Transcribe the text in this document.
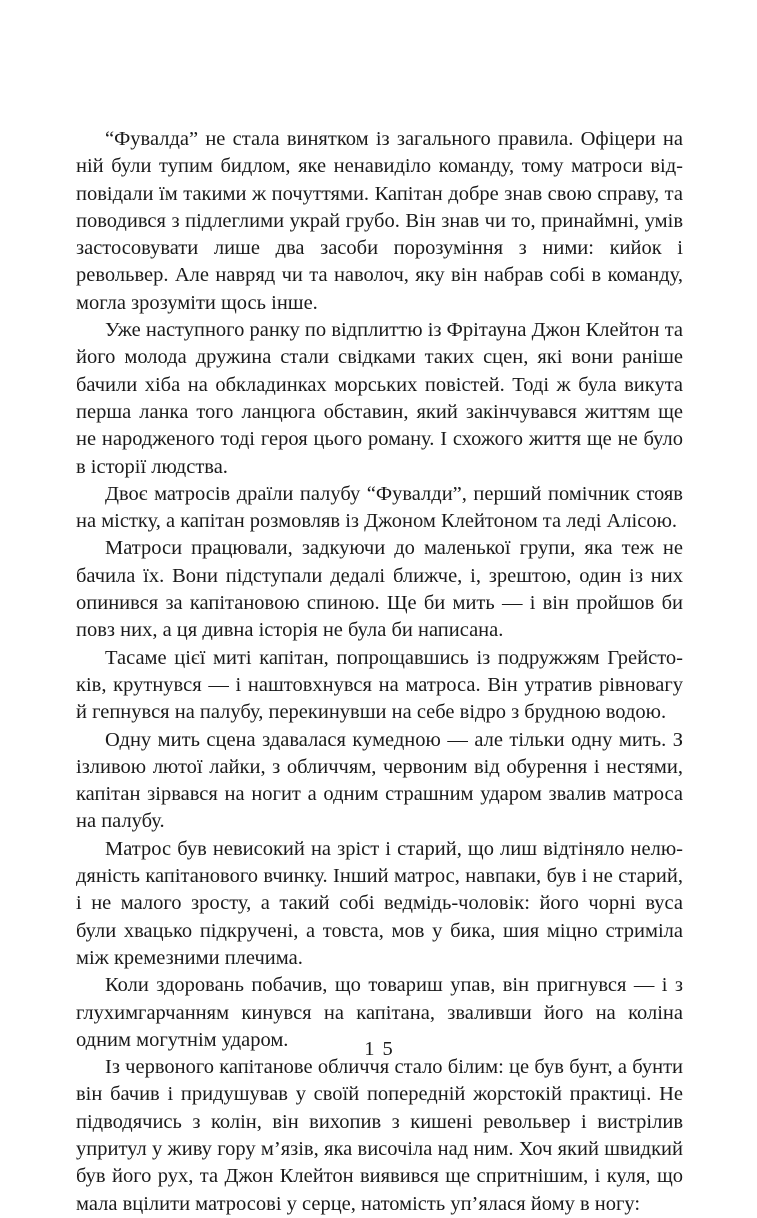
“Фувалда” не стала винятком із загального правила. Офіцери на ній були тупим бидлом, яке ненавиділо команду, тому матроси відповідали їм такими ж почуттями. Капітан добре знав свою справу, та поводився з підлеглими украй грубо. Він знав чи то, принаймні, умів застосовувати лише два засоби порозуміння з ними: кийок і револьвер. Але навряд чи та наволоч, яку він набрав собі в команду, могла зрозуміти щось інше.

Уже наступного ранку по відплиттю із Фрітауна Джон Клейтон та його молода дружина стали свідками таких сцен, які вони раніше бачили хіба на обкладинках морських повістей. Тоді ж була викута перша ланка того ланцюга обставин, який закінчувався життям ще не народженого тоді героя цього роману. І схожого життя ще не було в історії людства.

Двоє матросів драїли палубу “Фувалди”, перший помічник стояв на містку, а капітан розмовляв із Джоном Клейтоном та леді Алісою.

Матроси працювали, задкуючи до маленької групи, яка теж не бачила їх. Вони підступали дедалі ближче, і, зрештою, один із них опинився за капітановою спиною. Ще би мить — і він пройшов би повз них, а ця дивна історія не була би написана.

Тасаме цієї миті капітан, попрощавшись із подружжям Грейстоків, крутнувся — і наштовхнувся на матроса. Він утратив рівновагу й гепнувся на палубу, перекинувши на себе відро з брудною водою.

Одну мить сцена здавалася кумедною — але тільки одну мить. З ізливою лютої лайки, з обличчям, червоним від обурення і нестями, капітан зірвався на ногит а одним страшним ударом звалив матроса на палубу.

Матрос був невисокий на зріст і старий, що лиш відтіняло нелюдяність капітанового вчинку. Інший матрос, навпаки, був і не старий, і не малого зросту, а такий собі ведмідь-чоловік: його чорні вуса були хвацько підкручені, а товста, мов у бика, шия міцно стриміла між кремезними плечима.

Коли здоровань побачив, що товариш упав, він пригнувся — і з глухимгарчанням кинувся на капітана, зваливши його на коліна одним могутнім ударом.

Із червоного капітанове обличчя стало білим: це був бунт, а бунти він бачив і придушував у своїй попередній жорстокій практиці. Не підводячись з колін, він вихопив з кишені револьвер і вистрілив упритул у живу гору м’язів, яка височіла над ним. Хоч який швидкий був його рух, та Джон Клейтон виявився ще спритнішим, і куля, що мала вцілити матросові у серце, натомість уп’ялася йому в ногу:

15
